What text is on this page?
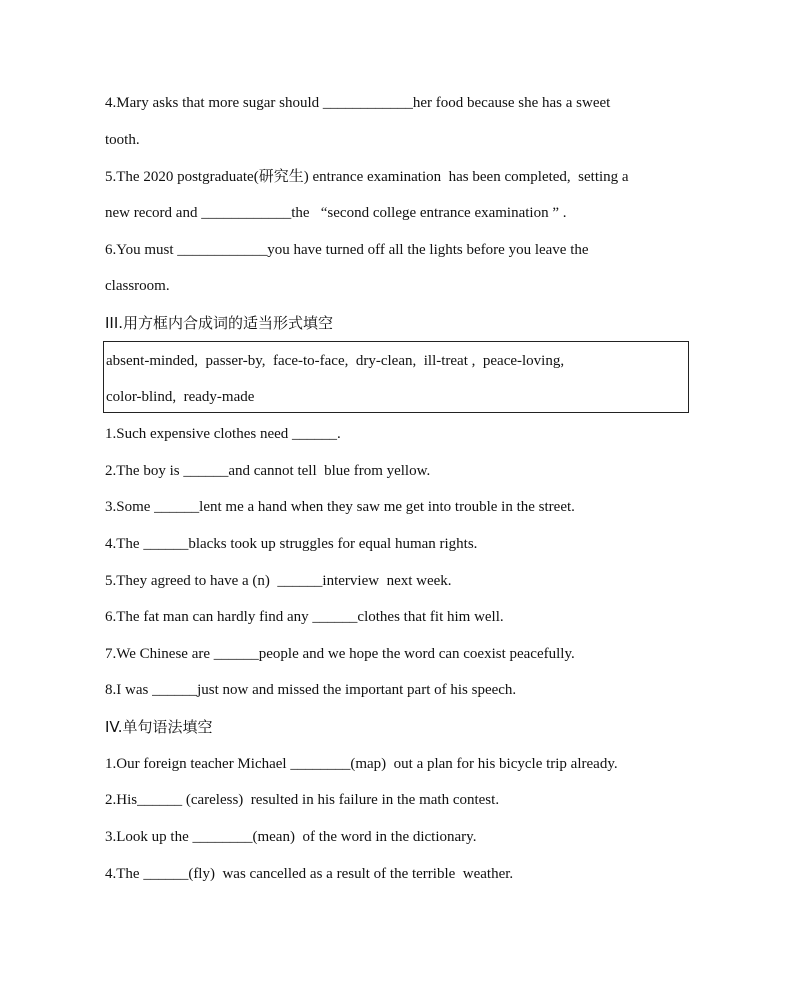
4.Mary asks that more sugar should ____________her food because she has a sweet
tooth.
5.The 2020 postgraduate(研究生) entrance examination  has been completed,  setting a
new record and ____________the   “second college entrance examination ” .
6.You must ____________you have turned off all the lights before you leave the
classroom.
III.用方框内合成词的适当形式填空
absent-minded,  passer-by,  face-to-face,  dry-clean,  ill-treat ,  peace-loving,
color-blind,  ready-made
1.Such expensive clothes need ______.
2.The boy is ______and cannot tell  blue from yellow.
3.Some ______lent me a hand when they saw me get into trouble in the street.
4.The ______blacks took up struggles for equal human rights.
5.They agreed to have a (n)  ______interview  next week.
6.The fat man can hardly find any ______clothes that fit him well.
7.We Chinese are ______people and we hope the word can coexist peacefully.
8.I was ______just now and missed the important part of his speech.
IV.单句语法填空
1.Our foreign teacher Michael ________(map)  out a plan for his bicycle trip already.
2.His______ (careless)  resulted in his failure in the math contest.
3.Look up the ________(mean)  of the word in the dictionary.
4.The ______(fly)  was cancelled as a result of the terrible  weather.
